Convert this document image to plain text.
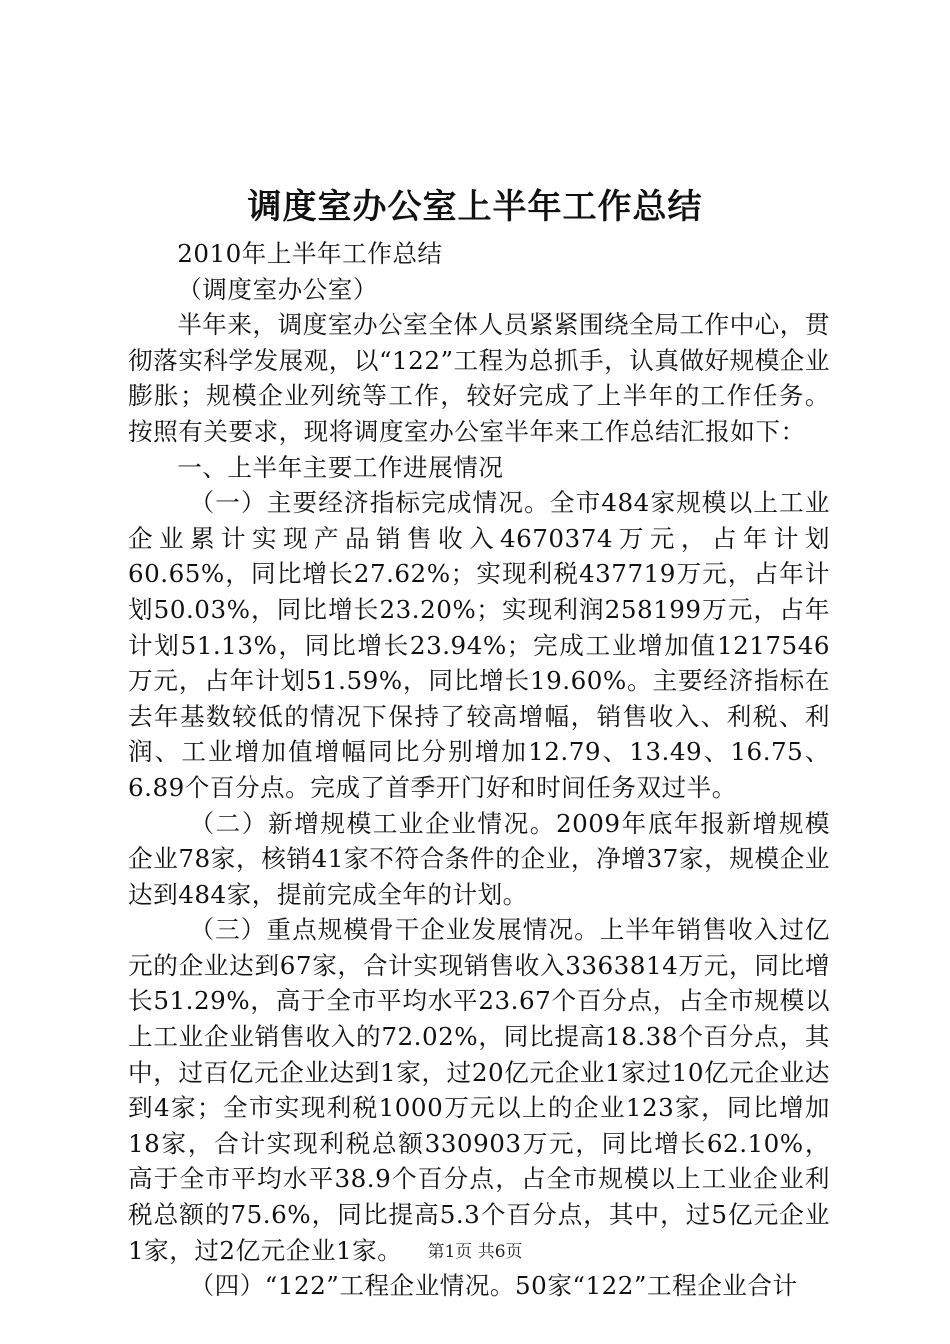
调度室办公室上半年工作总结

2010年上半年工作总结

（调度室办公室）

半年来，调度室办公室全体人员紧紧围绕全局工作中心，贯彻落实科学发展观，以“122”工程为总抓手，认真做好规模企业膨胀；规模企业列统等工作，较好完成了上半年的工作任务。按照有关要求，现将调度室办公室半年来工作总结汇报如下：

一、上半年主要工作进展情况

（一）主要经济指标完成情况。全市484家规模以上工业企业累计实现产品销售收入4670374万元，占年计划60.65%，同比增长27.62%；实现利税437719万元，占年计划50.03%，同比增长23.20%；实现利润258199万元，占年计划51.13%，同比增长23.94%；完成工业增加值1217546万元，占年计划51.59%，同比增长19.60%。主要经济指标在去年基数较低的情况下保持了较高增幅，销售收入、利税、利润、工业增加值增幅同比分别增加12.79、13.49、16.75、6.89个百分点。完成了首季开门好和时间任务双过半。

（二）新增规模工业企业情况。2009年底年报新增规模企业78家，核销41家不符合条件的企业，净增37家，规模企业达到484家，提前完成全年的计划。

（三）重点规模骨干企业发展情况。上半年销售收入过亿元的企业达到67家，合计实现销售收入3363814万元，同比增长51.29%，高于全市平均水平23.67个百分点，占全市规模以上工业企业销售收入的72.02%，同比提高18.38个百分点，其中，过百亿元企业达到1家，过20亿元企业1家过10亿元企业达到4家；全市实现利税1000万元以上的企业123家，同比增加18家，合计实现利税总额330903万元，同比增长62.10%，高于全市平均水平38.9个百分点，占全市规模以上工业企业利税总额的75.6%，同比提高5.3个百分点，其中，过5亿元企业1家，过2亿元企业1家。

（四）“122”工程企业情况。50家“122”工程企业合计

第1页 共6页
